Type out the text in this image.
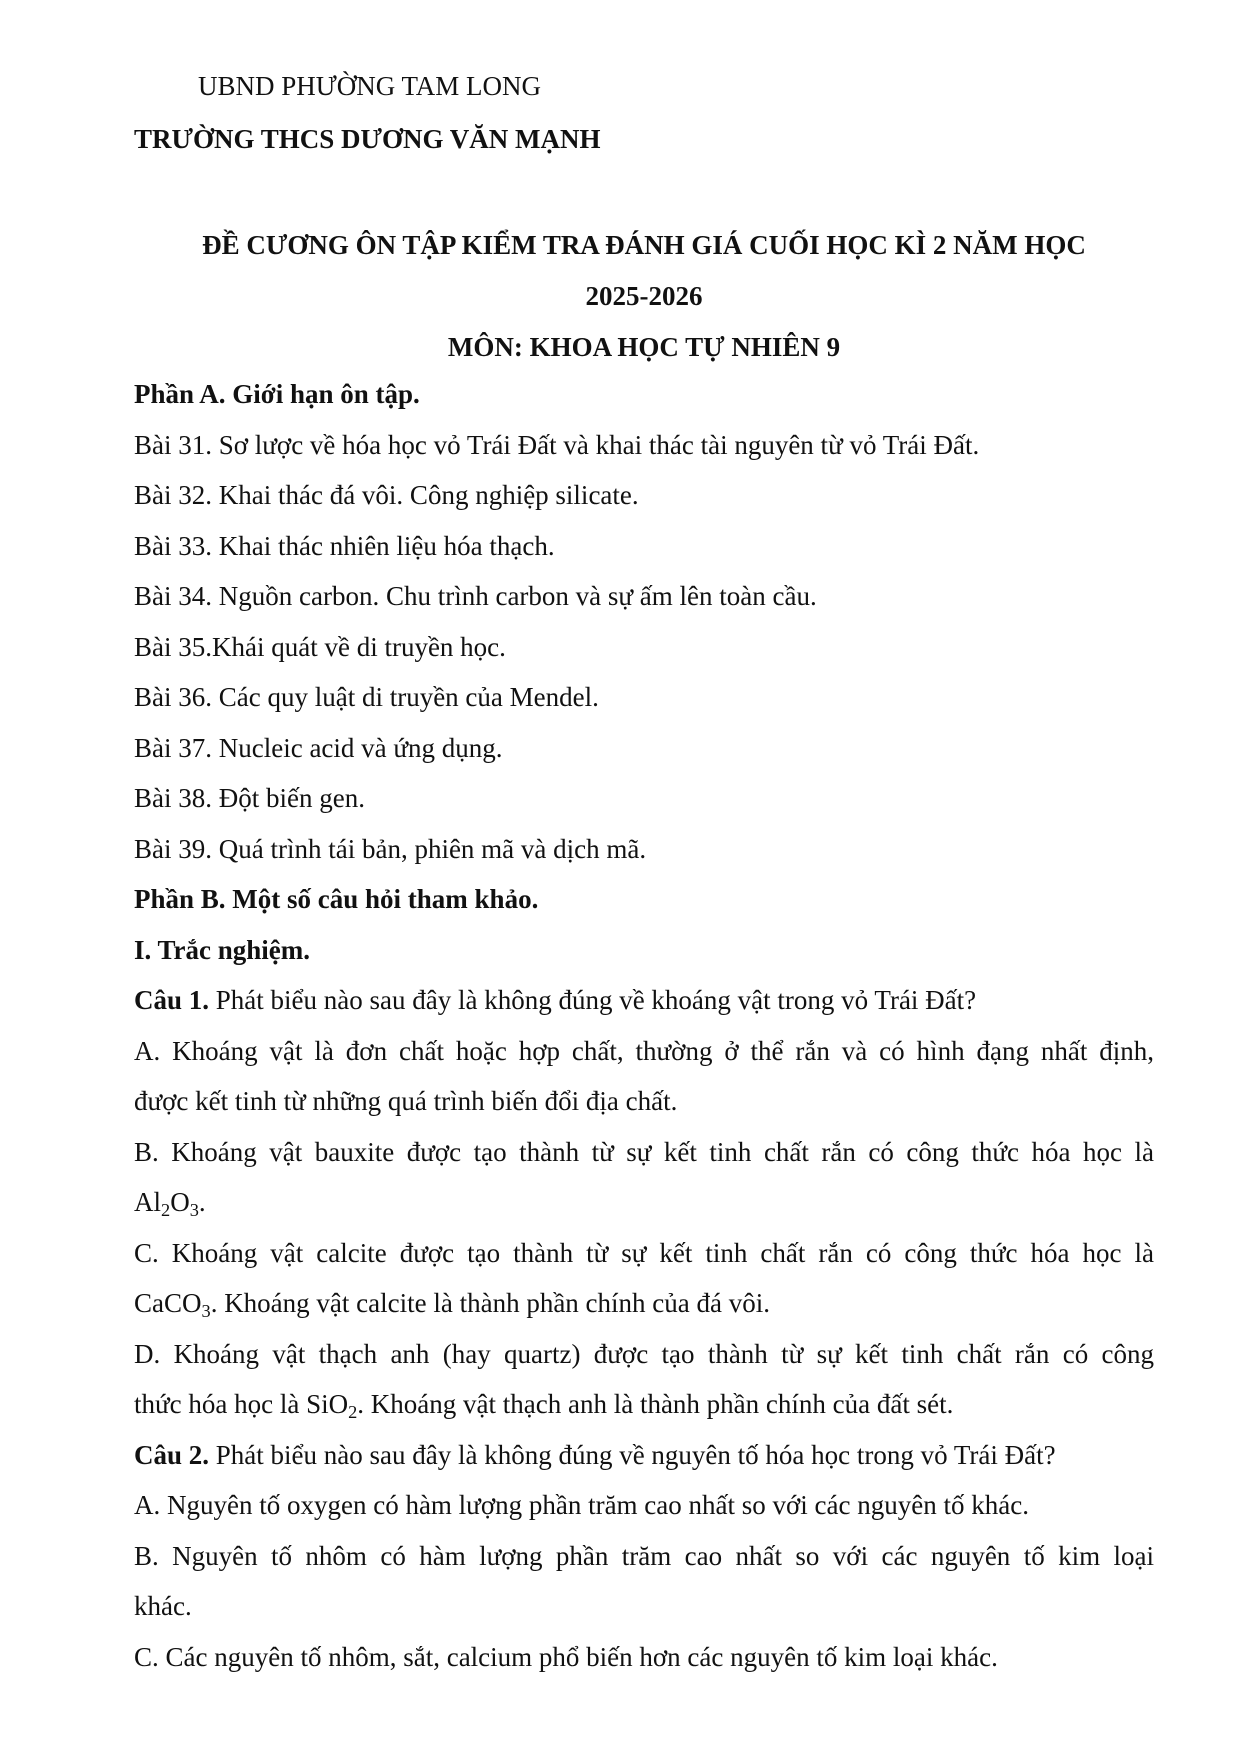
UBND PHƯỜNG TAM LONG
TRƯỜNG THCS DƯƠNG VĂN MẠNH
ĐỀ CƯƠNG ÔN TẬP KIỂM TRA ĐÁNH GIÁ CUỐI HỌC KÌ 2 NĂM HỌC
2025-2026
MÔN: KHOA HỌC TỰ NHIÊN 9
Phần A. Giới hạn ôn tập.
Bài 31. Sơ lược về hóa học vỏ Trái Đất và khai thác tài nguyên từ vỏ Trái Đất.
Bài 32. Khai thác đá vôi. Công nghiệp silicate.
Bài 33. Khai thác nhiên liệu hóa thạch.
Bài 34. Nguồn carbon. Chu trình carbon và sự ấm lên toàn cầu.
Bài 35.Khái quát về di truyền học.
Bài 36. Các quy luật di truyền của Mendel.
Bài 37. Nucleic acid và ứng dụng.
Bài 38. Đột biến gen.
Bài 39. Quá trình tái bản, phiên mã và dịch mã.
Phần B. Một số câu hỏi tham khảo.
I. Trắc nghiệm.
Câu 1. Phát biểu nào sau đây là không đúng về khoáng vật trong vỏ Trái Đất?
A. Khoáng vật là đơn chất hoặc hợp chất, thường ở thể rắn và có hình đạng nhất định,
được kết tinh từ những quá trình biến đổi địa chất.
B. Khoáng vật bauxite được tạo thành từ sự kết tinh chất rắn có công thức hóa học là
$Al_2O_3$.
C. Khoáng vật calcite được tạo thành từ sự kết tinh chất rắn có công thức hóa học là
CaCO$_3$. Khoáng vật calcite là thành phần chính của đá vôi.
D. Khoáng vật thạch anh (hay quartz) được tạo thành từ sự kết tinh chất rắn có công
thức hóa học là SiO$_2$. Khoáng vật thạch anh là thành phần chính của đất sét.
Câu 2. Phát biểu nào sau đây là không đúng về nguyên tố hóa học trong vỏ Trái Đất?
A. Nguyên tố oxygen có hàm lượng phần trăm cao nhất so với các nguyên tố khác.
B. Nguyên tố nhôm có hàm lượng phần trăm cao nhất so với các nguyên tố kim loại
khác.
C. Các nguyên tố nhôm, sắt, calcium phổ biến hơn các nguyên tố kim loại khác.
